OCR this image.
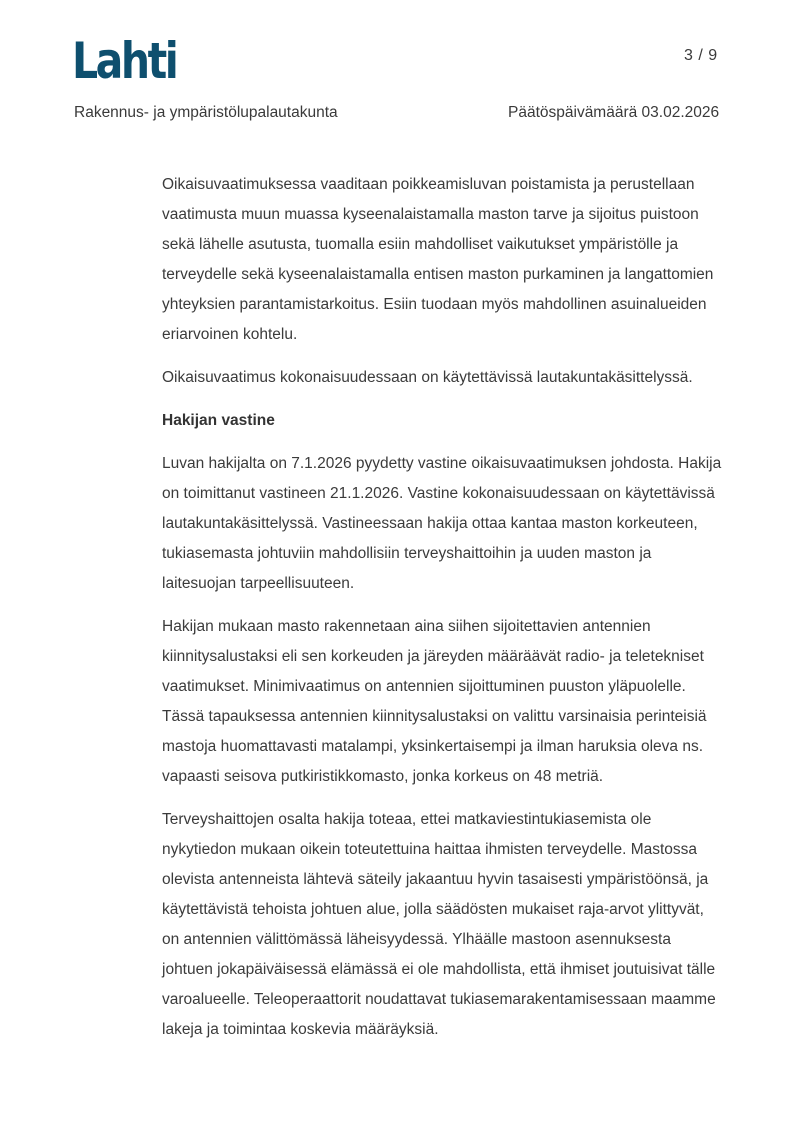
Lahti	3 / 9
Rakennus- ja ympäristölupalautakunta	Päätöspäivämäärä 03.02.2026

Oikaisuvaatimuksessa vaaditaan poikkeamisluvan poistamista ja perustellaan vaatimusta muun muassa kyseenalaistamalla maston tarve ja sijoitus puistoon sekä lähelle asutusta, tuomalla esiin mahdolliset vaikutukset ympäristölle ja terveydelle sekä kyseenalaistamalla entisen maston purkaminen ja langattomien yhteyksien parantamistarkoitus. Esiin tuodaan myös mahdollinen asuinalueiden eriarvoinen kohtelu.

Oikaisuvaatimus kokonaisuudessaan on käytettävissä lautakuntakäsittelyssä.

Hakijan vastine

Luvan hakijalta on 7.1.2026 pyydetty vastine oikaisuvaatimuksen johdosta. Hakija on toimittanut vastineen 21.1.2026. Vastine kokonaisuudessaan on käytettävissä lautakuntakäsittelyssä. Vastineessaan hakija ottaa kantaa maston korkeuteen, tukiasemasta johtuviin mahdollisiin terveyshaittoihin ja uuden maston ja laitesuojan tarpeellisuuteen.

Hakijan mukaan masto rakennetaan aina siihen sijoitettavien antennien kiinnitysalustaksi eli sen korkeuden ja järeyden määräävät radio- ja teletekniset vaatimukset. Minimivaatimus on antennien sijoittuminen puuston yläpuolelle. Tässä tapauksessa antennien kiinnitysalustaksi on valittu varsinaisia perinteisiä mastoja huomattavasti matalampi, yksinkertaisempi ja ilman haruksia oleva ns. vapaasti seisova putkiristikkomasto, jonka korkeus on 48 metriä.

Terveyshaittojen osalta hakija toteaa, ettei matkaviestintukiasemista ole nykytiedon mukaan oikein toteutettuina haittaa ihmisten terveydelle. Mastossa olevista antenneista lähtevä säteily jakaantuu hyvin tasaisesti ympäristöönsä, ja käytettävistä tehoista johtuen alue, jolla säädösten mukaiset raja-arvot ylittyvät, on antennien välittömässä läheisyydessä. Ylhäälle mastoon asennuksesta johtuen jokapäiväisessä elämässä ei ole mahdollista, että ihmiset joutuisivat tälle varoalueelle. Teleoperaattorit noudattavat tukiasemarakentamisessaan maamme lakeja ja toimintaa koskevia määräyksiä.
